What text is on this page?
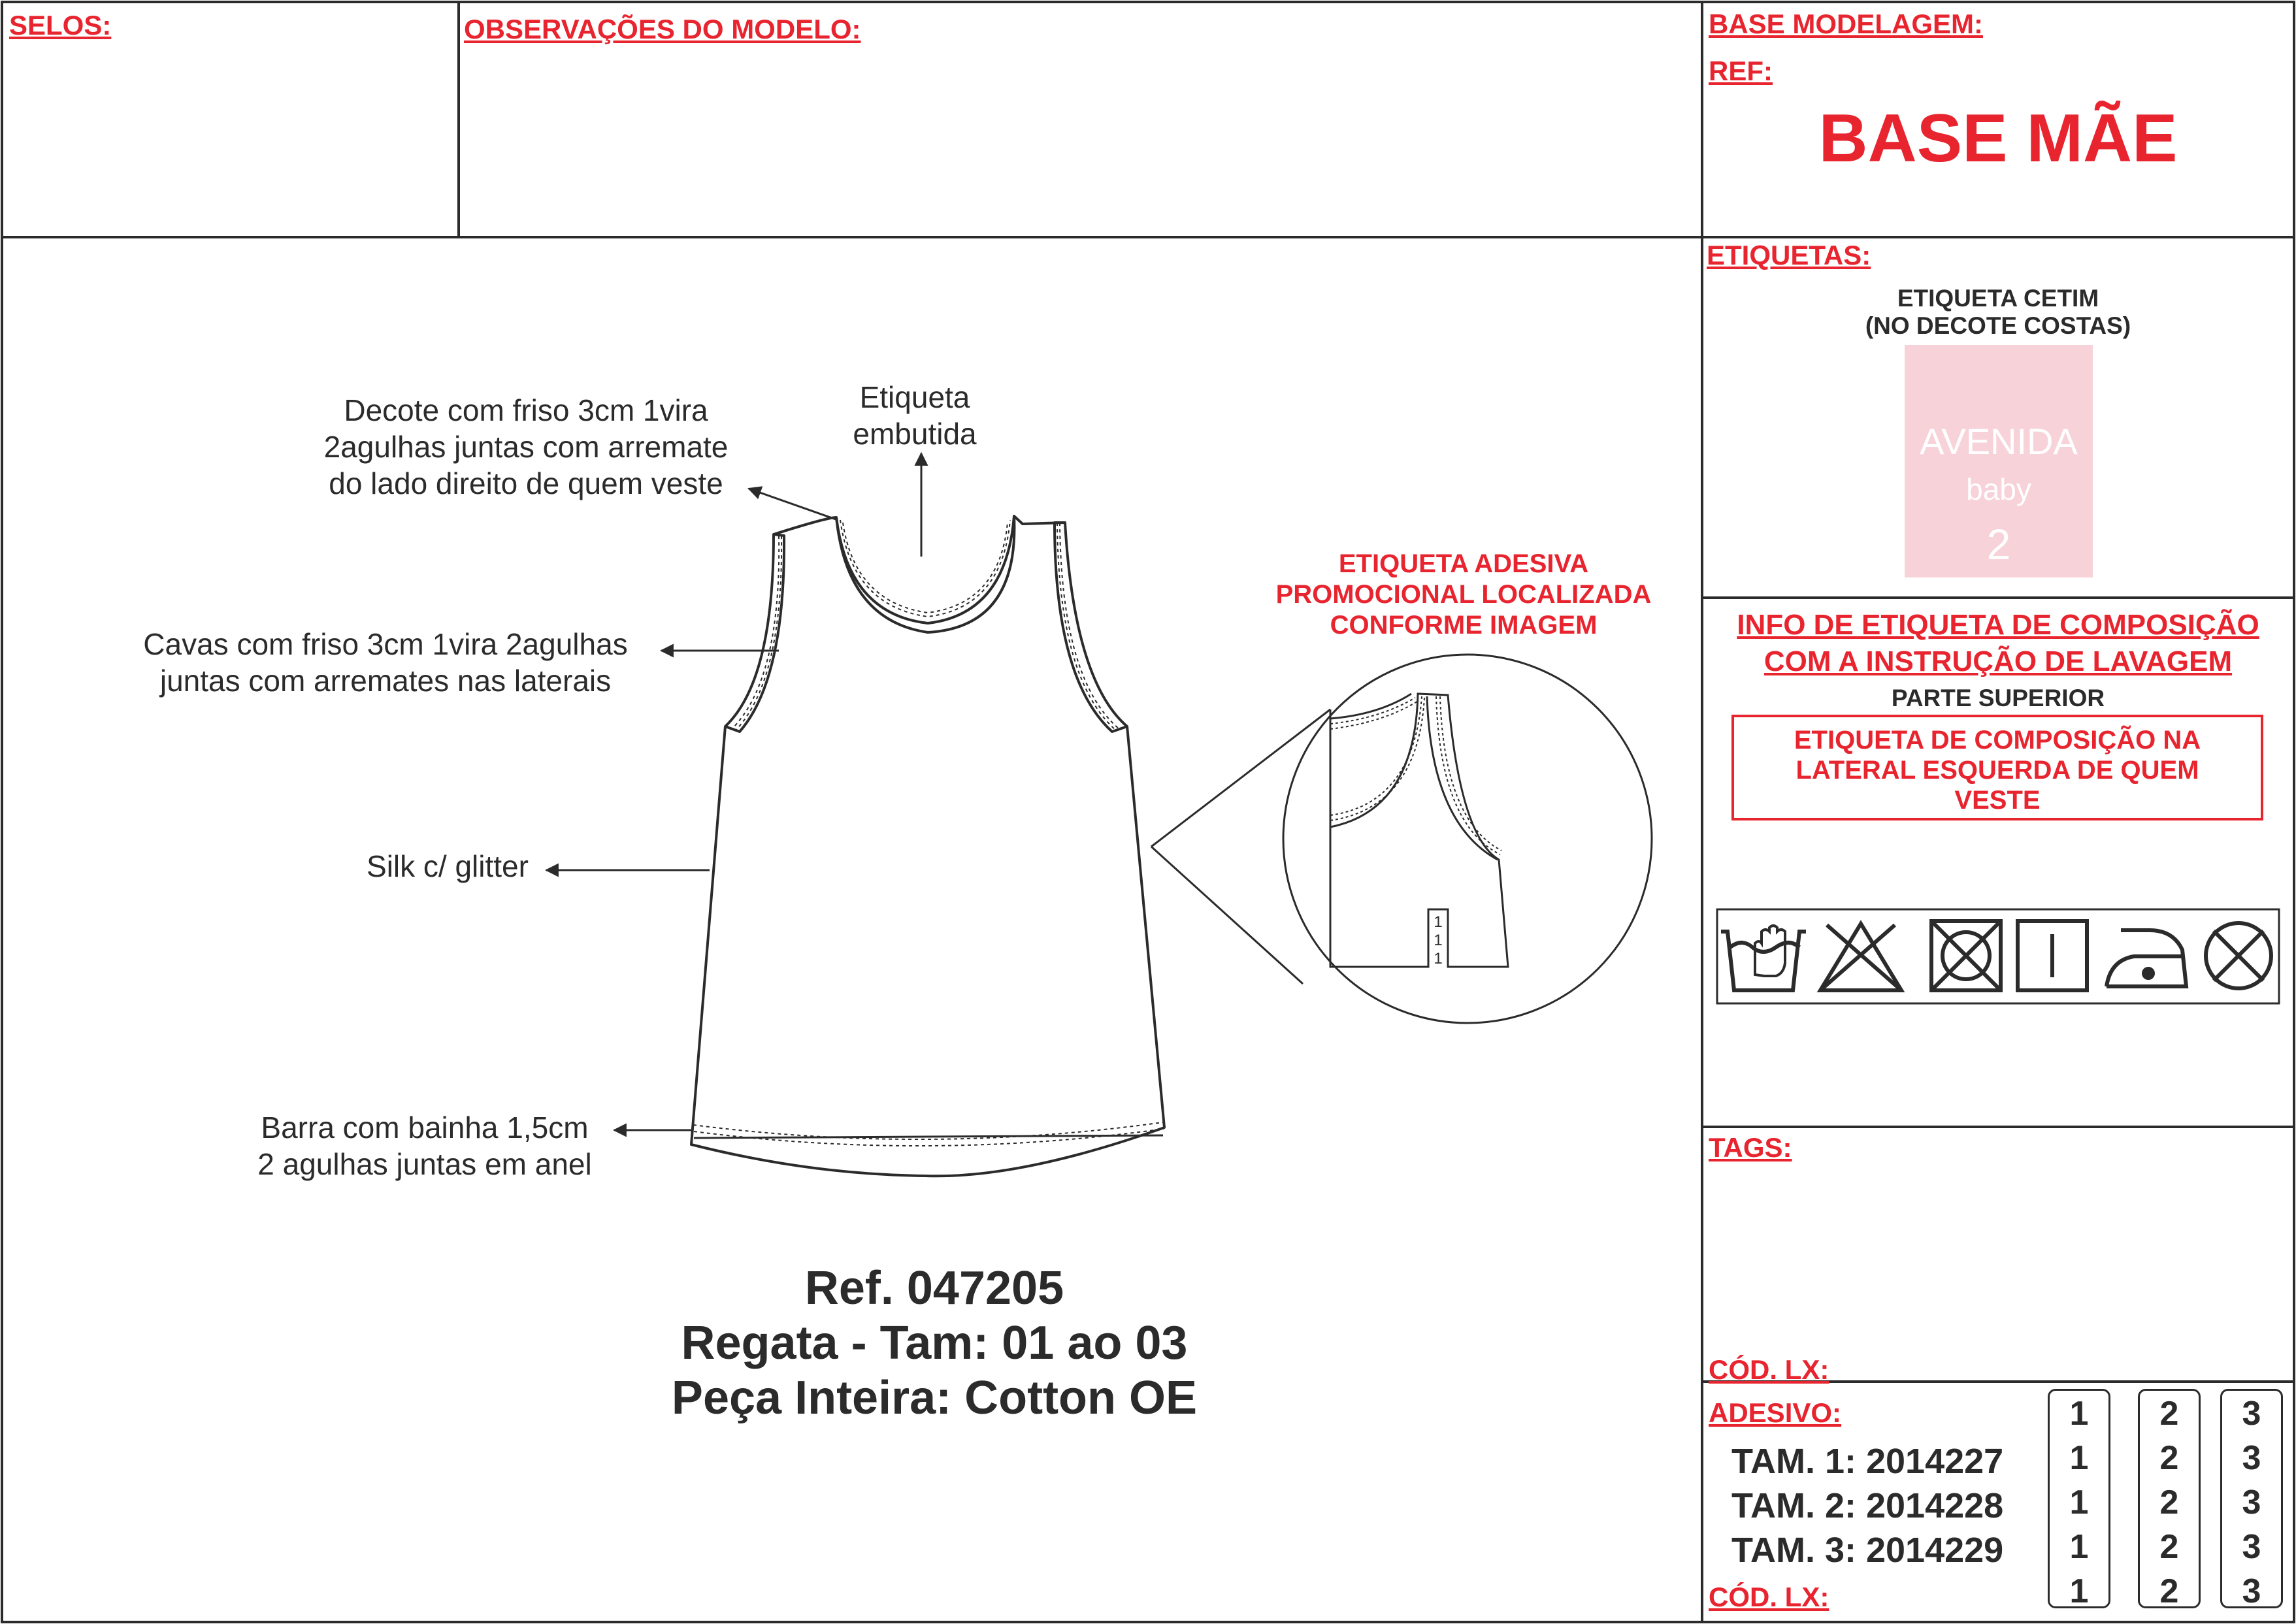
SELOS:	OBSERVAÇÕES DO MODELO:	BASE MODELAGEM:
REF:
BASE MÃE
ETIQUETAS:
ETIQUETA CETIM
(NO DECOTE COSTAS)
AVENIDA
baby
2
INFO DE ETIQUETA DE COMPOSIÇÃO
COM A INSTRUÇÃO DE LAVAGEM
PARTE SUPERIOR
ETIQUETA DE COMPOSIÇÃO NA
LATERAL ESQUERDA DE QUEM
VESTE
TAGS:
CÓD. LX:
ADESIVO:
TAM. 1: 2014227
TAM. 2: 2014228
TAM. 3: 2014229
CÓD. LX:
1
1
1
1
1
2
2
2
2
2
3
3
3
3
3
1
1
1
Decote com friso 3cm 1vira
2agulhas juntas com arremate
do lado direito de quem veste
Etiqueta
embutida
Cavas com friso 3cm 1vira 2agulhas
juntas com arremates nas laterais
Silk c/ glitter
Barra com bainha 1,5cm
2 agulhas juntas em anel
ETIQUETA ADESIVA
PROMOCIONAL LOCALIZADA
CONFORME IMAGEM
Ref. 047205
Regata - Tam: 01 ao 03
Peça Inteira: Cotton OE
